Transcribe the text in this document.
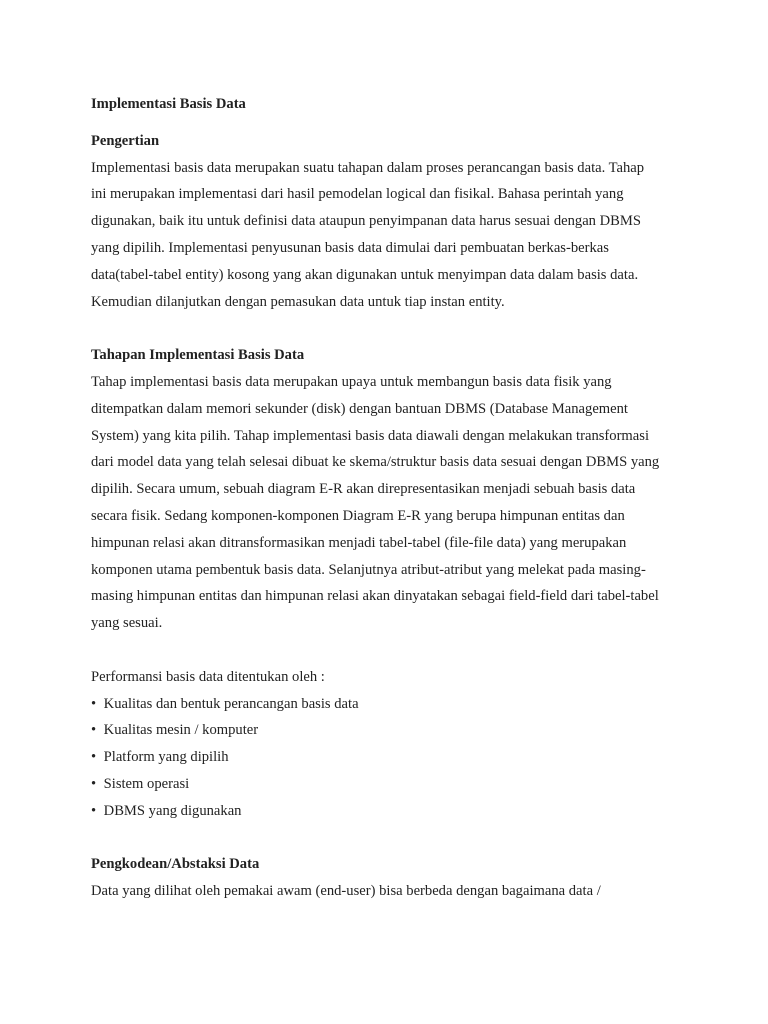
Implementasi Basis Data

Pengertian

Implementasi basis data merupakan suatu tahapan dalam proses perancangan basis data. Tahap
ini merupakan implementasi dari hasil pemodelan logical dan fisikal. Bahasa perintah yang
digunakan, baik itu untuk definisi data ataupun penyimpanan data harus sesuai dengan DBMS
yang dipilih. Implementasi penyusunan basis data dimulai dari pembuatan berkas-berkas
data(tabel-tabel entity) kosong yang akan digunakan untuk menyimpan data dalam basis data.
Kemudian dilanjutkan dengan pemasukan data untuk tiap instan entity.

Tahapan Implementasi Basis Data

Tahap implementasi basis data merupakan upaya untuk membangun basis data fisik yang
ditempatkan dalam memori sekunder (disk) dengan bantuan DBMS (Database Management
System) yang kita pilih. Tahap implementasi basis data diawali dengan melakukan transformasi
dari model data yang telah selesai dibuat ke skema/struktur basis data sesuai dengan DBMS yang
dipilih. Secara umum, sebuah diagram E-R akan direpresentasikan menjadi sebuah basis data
secara fisik. Sedang komponen-komponen Diagram E-R yang berupa himpunan entitas dan
himpunan relasi akan ditransformasikan menjadi tabel-tabel (file-file data) yang merupakan
komponen utama pembentuk basis data. Selanjutnya atribut-atribut yang melekat pada masing-
masing himpunan entitas dan himpunan relasi akan dinyatakan sebagai field-field dari tabel-tabel
yang sesuai.

Performansi basis data ditentukan oleh :

• Kualitas dan bentuk perancangan basis data
• Kualitas mesin / komputer
• Platform yang dipilih
• Sistem operasi
• DBMS yang digunakan

Pengkodean/Abstaksi Data

Data yang dilihat oleh pemakai awam (end-user) bisa berbeda dengan bagaimana data /
